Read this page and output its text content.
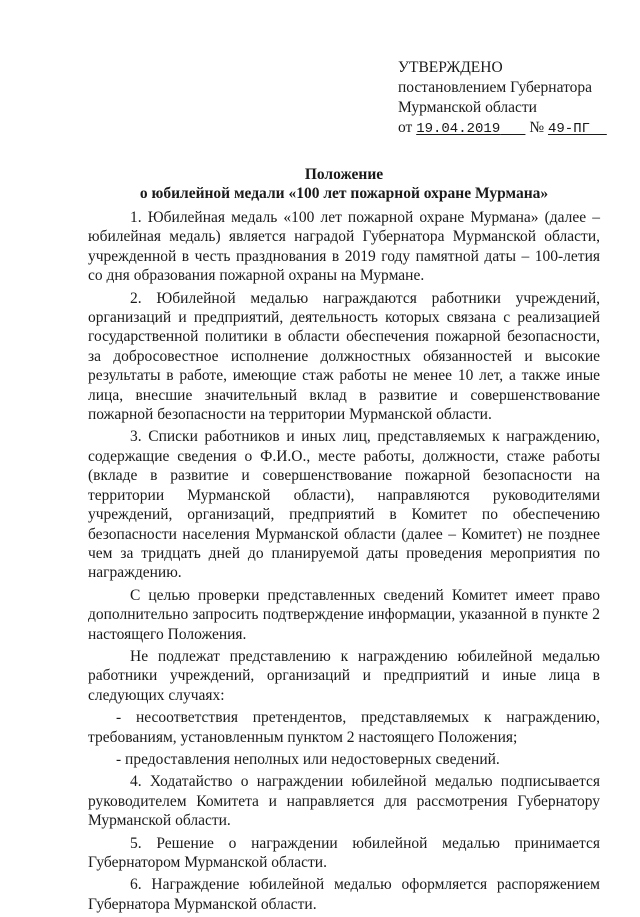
УТВЕРЖДЕНО
постановлением Губернатора
Мурманской области
от 19.04.2019 № 49-ПГ
Положение
о юбилейной медали «100 лет пожарной охране Мурмана»

1. Юбилейная медаль «100 лет пожарной охране Мурмана» (далее – юбилейная медаль) является наградой Губернатора Мурманской области, учрежденной в честь празднования в 2019 году памятной даты – 100-летия со дня образования пожарной охраны на Мурмане.

2. Юбилейной медалью награждаются работники учреждений, организаций и предприятий, деятельность которых связана с реализацией государственной политики в области обеспечения пожарной безопасности, за добросовестное исполнение должностных обязанностей и высокие результаты в работе, имеющие стаж работы не менее 10 лет, а также иные лица, внесшие значительный вклад в развитие и совершенствование пожарной безопасности на территории Мурманской области.

3. Списки работников и иных лиц, представляемых к награждению, содержащие сведения о Ф.И.О., месте работы, должности, стаже работы (вкладе в развитие и совершенствование пожарной безопасности на территории Мурманской области), направляются руководителями учреждений, организаций, предприятий в Комитет по обеспечению безопасности населения Мурманской области (далее – Комитет) не позднее чем за тридцать дней до планируемой даты проведения мероприятия по награждению.

С целью проверки представленных сведений Комитет имеет право дополнительно запросить подтверждение информации, указанной в пункте 2 настоящего Положения.

Не подлежат представлению к награждению юбилейной медалью работники учреждений, организаций и предприятий и иные лица в следующих случаях:

- несоответствия претендентов, представляемых к награждению, требованиям, установленным пунктом 2 настоящего Положения;

- предоставления неполных или недостоверных сведений.

4. Ходатайство о награждении юбилейной медалью подписывается руководителем Комитета и направляется для рассмотрения Губернатору Мурманской области.

5. Решение о награждении юбилейной медалью принимается Губернатором Мурманской области.

6. Награждение юбилейной медалью оформляется распоряжением Губернатора Мурманской области.
